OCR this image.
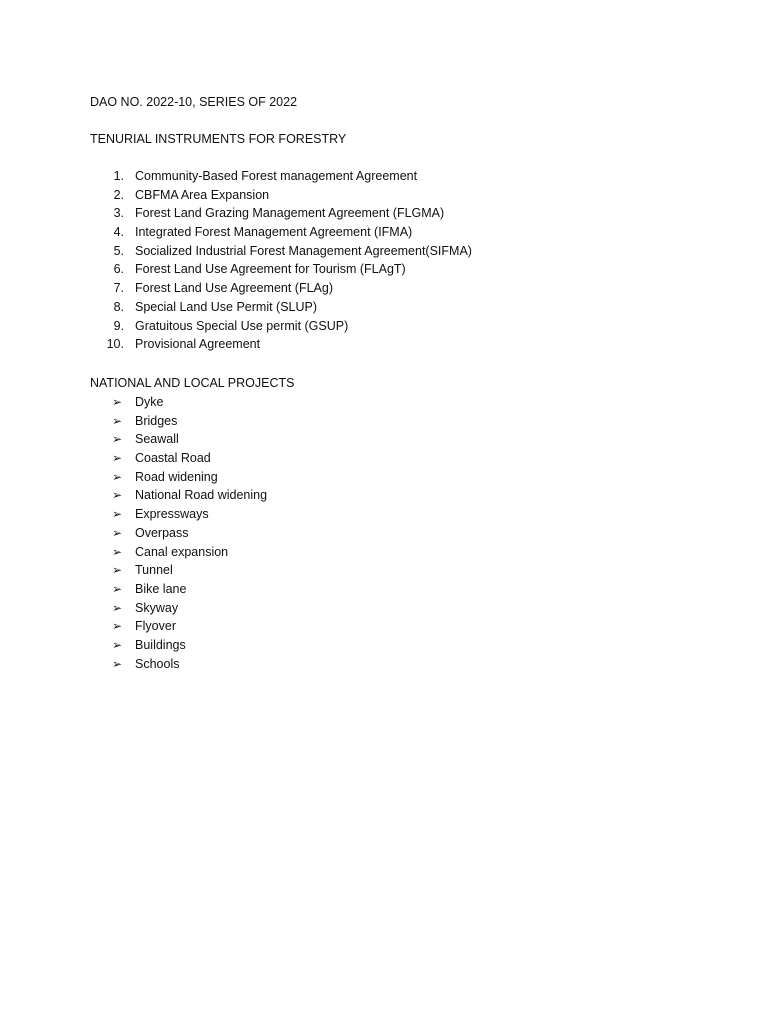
DAO NO. 2022-10, SERIES OF 2022
TENURIAL INSTRUMENTS FOR FORESTRY
1. Community-Based Forest management Agreement
2. CBFMA Area Expansion
3. Forest Land Grazing Management Agreement (FLGMA)
4. Integrated Forest Management Agreement (IFMA)
5. Socialized Industrial Forest Management Agreement(SIFMA)
6. Forest Land Use Agreement for Tourism (FLAgT)
7. Forest Land Use Agreement (FLAg)
8. Special Land Use Permit (SLUP)
9. Gratuitous Special Use permit (GSUP)
10. Provisional Agreement
NATIONAL AND LOCAL PROJECTS
➢ Dyke
➢ Bridges
➢ Seawall
➢ Coastal Road
➢ Road widening
➢ National Road widening
➢ Expressways
➢ Overpass
➢ Canal expansion
➢ Tunnel
➢ Bike lane
➢ Skyway
➢ Flyover
➢ Buildings
➢ Schools
